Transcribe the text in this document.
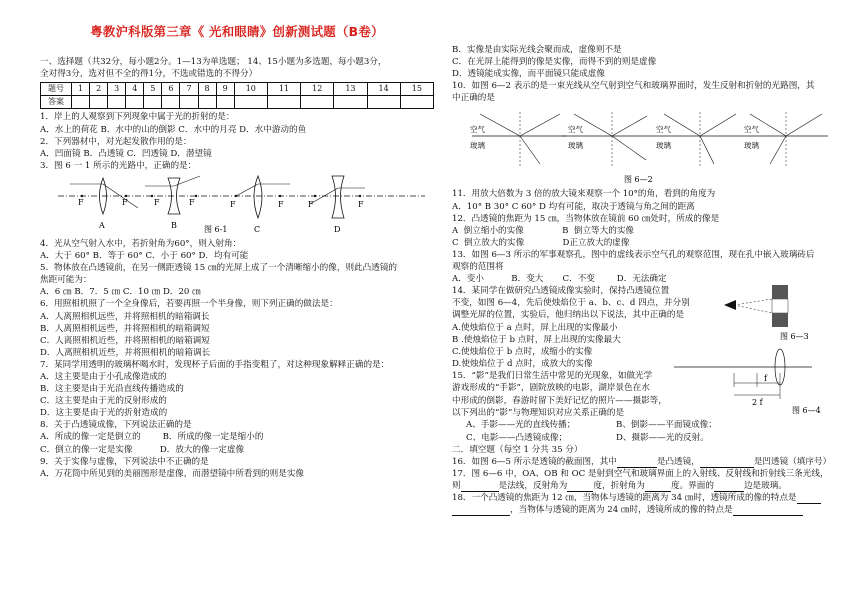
粤教沪科版第三章《 光和眼睛》创新测试题（B卷）
一、选择题（共32分，每小题2分。1—13为单选题； 14、15小题为多选题，每小题3分，
全对得3分，选对但不全的得1分，不选或错选的不得分）
题号	1	2	3	4	5	6	7	8	9	10	11	12	13	14	15
答案															
1．岸上的人观察到下列现象中属于光的折射的是：
A．水上的荷花 B．水中的山的倒影 C．水中的月亮 D．水中游动的鱼
2．下列器材中，对光起发散作用的是：
A．凹面镜 B．凸透镜 C．凹透镜 D．潜望镜
3．图 6 一 1 所示的光路中，正确的是：
F	F
A
F	F
B
F	F
C
F	F
D
图 6-1
4．光从空气射入水中，若折射角为60°，则入射角：
A．大于 60° B．等于 60° C．小于 60° D．均有可能
5．物体放在凸透镜前，在另一侧距透镜 15 ㎝的光屏上成了一个清晰缩小的像，则此凸透镜的
焦距可能为：
A．6 ㎝ B．7．5 ㎝ C．10 ㎝ D．20 ㎝
6．用照相机照了一个全身像后，若要再照一个半身像，则下列正确的做法是：
A．人离照相机远些，并将照相机的暗箱调长
B．人离照相机远些，并将照相机的暗箱调短
C．人离照相机近些，并将照相机的暗箱调短
D．人离照相机近些，并将照相机的暗箱调长
7．某同学用透明的玻璃杯喝水时，发现杯子后面的手指变粗了，对这种现象解释正确的是：
A．这主要是由于小孔成像造成的
B．这主要是由于光沿直线传播造成的
C．这主要是由于光的反射形成的
D．这主要是由于光的折射造成的
8．关于凸透镜成像，下列说法正确的是
A．所成的像一定是倒立的        B．所成的像一定是缩小的
C．倒立的像一定是实像          D．放大的像一定虚像
9．关于实像与虚像，下列说法中不正确的是
A．万花筒中所见到的美丽图形是虚像，而潜望镜中所看到的则是实像
B．实像是由实际光线会聚而成，虚像则不是
C．在光屏上能得到的像是实像，而得不到的则是虚像
D．透镜能成实像，而平面镜只能成虚像
10．如图 6—2 表示的是一束光线从空气射到空气和玻璃界面时，发生反射和折射的光路图，其
中正确的是
空气
玻璃
空气
玻璃
空气
玻璃
空气
玻璃
图 6—2
11．用放大倍数为 3 倍的放大镜来观察一个 10°的角，看到的角度为
A．10° B 30° C 60° D 均有可能，取决于透镜与角之间的距离
12．凸透镜的焦距为 15 ㎝，当物体放在镜前 60 ㎝处时，所成的像是
A  倒立缩小的实像              B  倒立等大的实像
C  倒立放大的实像              D正立放大的虚像
13．如图 6—3 所示的军事观察孔，图中的虚线表示空气孔的观察范围，现在孔中嵌入玻璃砖后
观察的范围将
A．变小          B．变大       C．不变        D．无法确定
14．某同学在做研究凸透镜成像实验时，保持凸透镜位置
不变，如图 6—4，先后使烛焰位于 a、b、c、d 四点，并分别
调整光屏的位置，实验后，他归纳出以下说法，其中正确的是
A.使烛焰位于 a 点时，屏上出现的实像最小
B .使烛焰位于 b 点时，屏上出现的实像最大
C.使烛焰位于 b 点时，成缩小的实像
D.使烛焰位于 d 点时，成放大的实像
15．“影”是我们日常生活中常见的光现象，如做光学
游戏形成的“手影”，剧院放映的电影，湖岸景色在水
图 6—3
f
2 f
图 6—4
中形成的倒影，春游时留下美好记忆的照片——摄影等，
以下列出的“影”与物理知识对应关系正确的是
A、手影——光的直线传播；	B、倒影——平面镜成像；
C、电影——凸透镜成像；	D、摄影——光的反射。
二．填空题（每空 1 分共 35 分）
16．如图 6—5 所示是透镜的截面图，其中	是凸透镜，	是凹透镜（填序号）
17．图 6—6 中，OA、OB 和 OC 是射到空气和玻璃界面上的入射线、反射线和折射线三条光线，
则	是法线，反射角为	度，折射角为	度。界面的	边是玻璃。
18．一个凸透镜的焦距为 12 ㎝，当物体与透镜的距离为 34 ㎝时，透镜所成的像的特点是
，当物体与透镜的距离为 24 ㎝时，透镜所成的像的特点是
